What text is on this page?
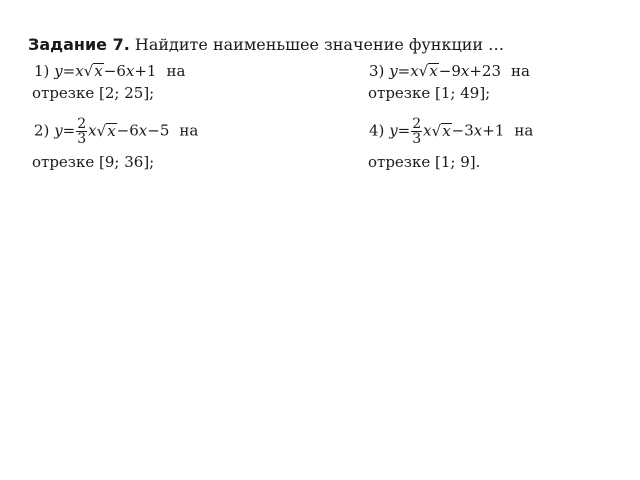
Задание 7. Найдите наименьшее значение функции …
1) y=x√x−6x+1 на
отрезке [2; 25];
2) $y= \frac{2}{3} x√x-6x-5$ на
отрезке [9; 36];
3) y=x√x−9x+23 на
отрезке [1; 49];
4) $y= \frac{2}{3} x√x-3x+1$ на
отрезке [1; 9].
